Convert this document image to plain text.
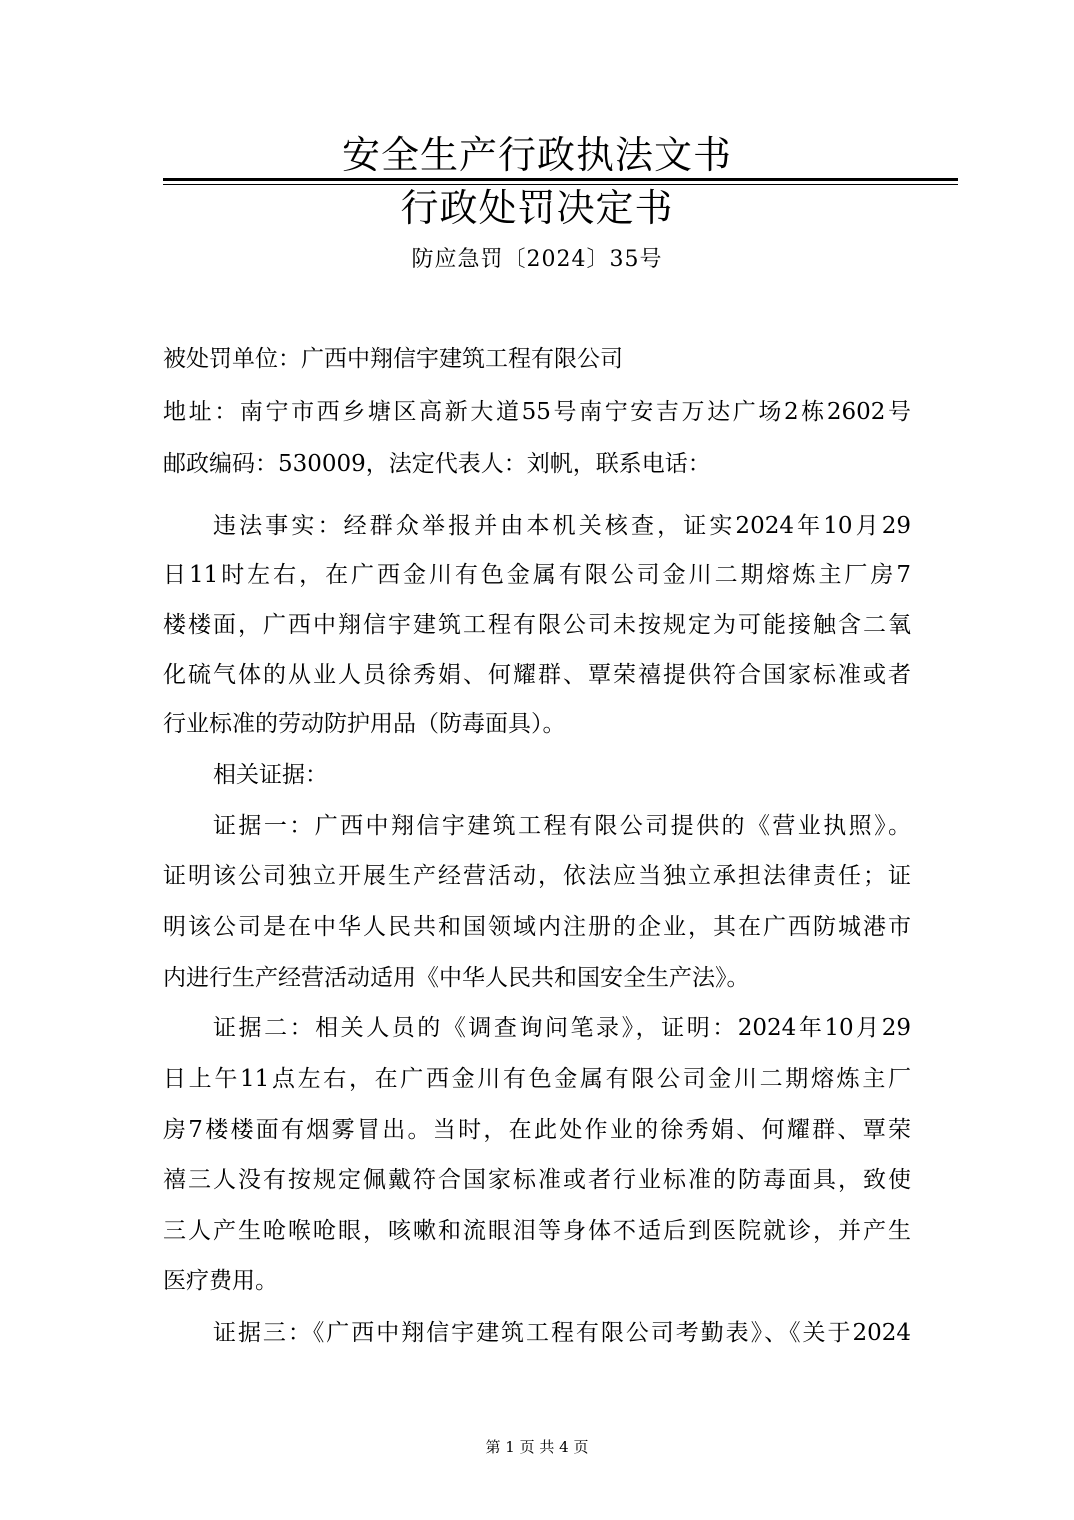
安全生产行政执法文书
行政处罚决定书
防应急罚〔2024〕35号
被处罚单位：广西中翔信宇建筑工程有限公司
地址：南宁市西乡塘区高新大道55号南宁安吉万达广场2栋2602号
邮政编码：530009，法定代表人：刘帆，联系电话：
违法事实：经群众举报并由本机关核查，证实2024年10月29
日11时左右，在广西金川有色金属有限公司金川二期熔炼主厂房7
楼楼面，广西中翔信宇建筑工程有限公司未按规定为可能接触含二氧
化硫气体的从业人员徐秀娟、何耀群、覃荣禧提供符合国家标准或者
行业标准的劳动防护用品（防毒面具）。
相关证据：
证据一：广西中翔信宇建筑工程有限公司提供的《营业执照》。
证明该公司独立开展生产经营活动，依法应当独立承担法律责任；证
明该公司是在中华人民共和国领域内注册的企业，其在广西防城港市
内进行生产经营活动适用《中华人民共和国安全生产法》。
证据二：相关人员的《调查询问笔录》，证明：2024年10月29
日上午11点左右，在广西金川有色金属有限公司金川二期熔炼主厂
房7楼楼面有烟雾冒出。当时，在此处作业的徐秀娟、何耀群、覃荣
禧三人没有按规定佩戴符合国家标准或者行业标准的防毒面具，致使
三人产生呛喉呛眼，咳嗽和流眼泪等身体不适后到医院就诊，并产生
医疗费用。
证据三：《广西中翔信宇建筑工程有限公司考勤表》、《关于2024
第 1 页 共 4 页
